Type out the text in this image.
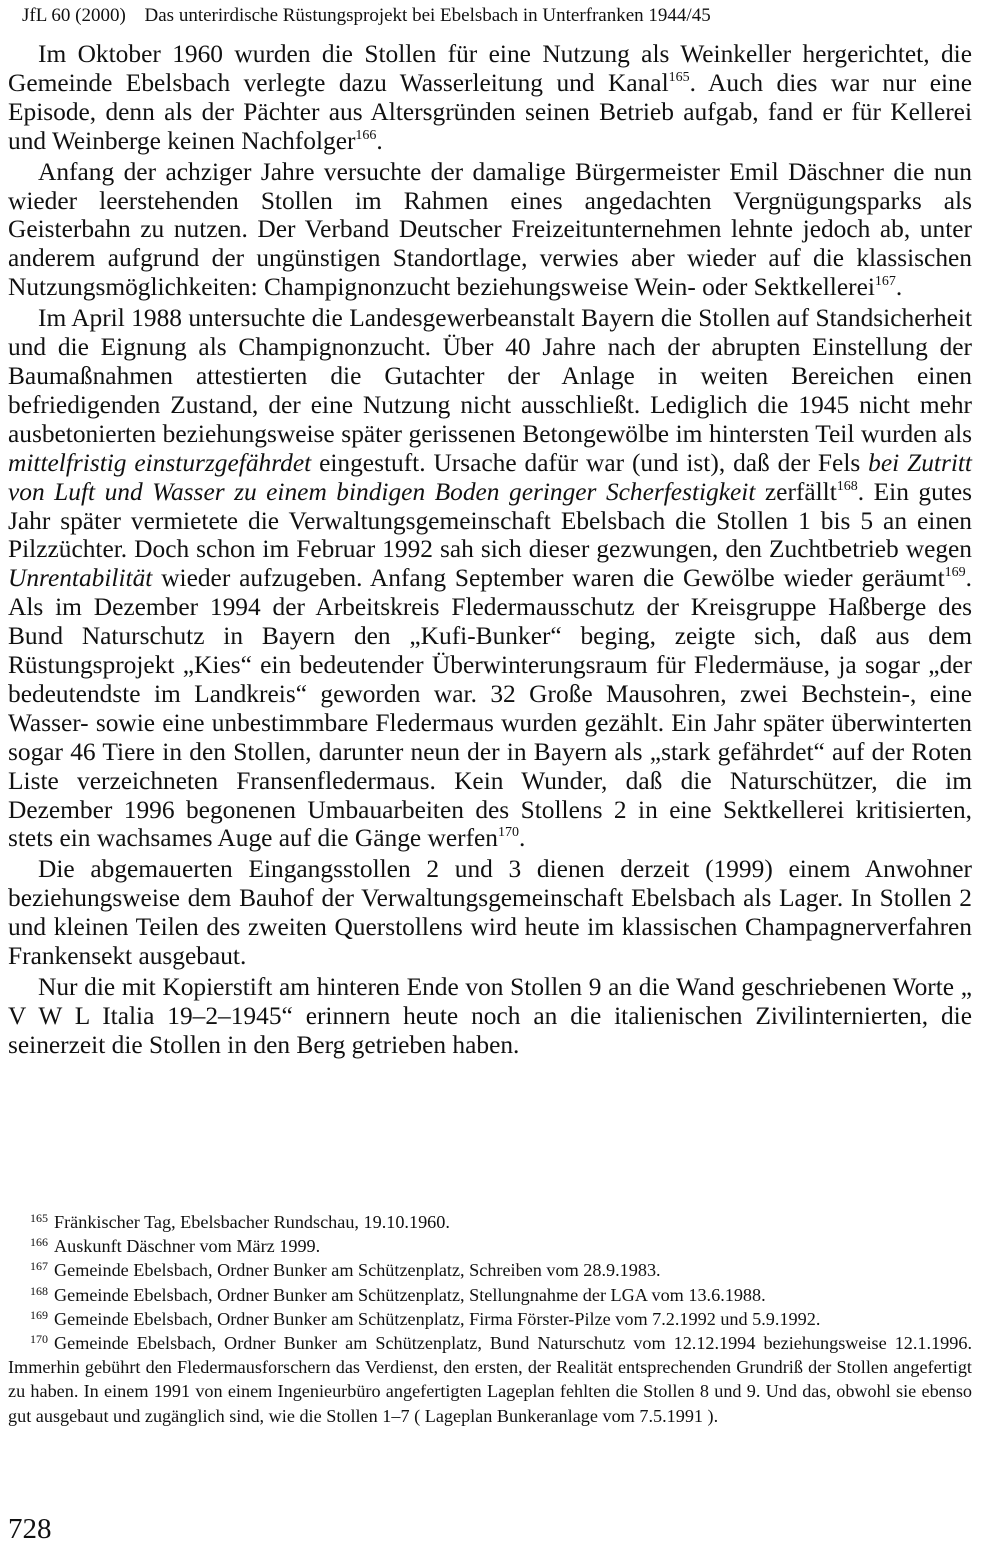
JfL 60 (2000) Das unterirdische Rüstungsprojekt bei Ebelsbach in Unterfranken 1944/45

Im Oktober 1960 wurden die Stollen für eine Nutzung als Weinkeller hergerichtet, die Gemeinde Ebelsbach verlegte dazu Wasserleitung und Kanal$^{165}$. Auch dies war nur eine Episode, denn als der Pächter aus Altersgründen seinen Betrieb aufgab, fand er für Kellerei und Weinberge keinen Nachfolger$^{166}$.

Anfang der achziger Jahre versuchte der damalige Bürgermeister Emil Däschner die nun wieder leerstehenden Stollen im Rahmen eines angedachten Vergnügungsparks als Geisterbahn zu nutzen. Der Verband Deutscher Freizeitunternehmen lehnte jedoch ab, unter anderem aufgrund der ungünstigen Standortlage, verwies aber wieder auf die klassischen Nutzungsmöglichkeiten: Champignonzucht beziehungsweise Wein- oder Sektkellerei$^{167}$.

Im April 1988 untersuchte die Landesgewerbeanstalt Bayern die Stollen auf Standsicherheit und die Eignung als Champignonzucht. Über 40 Jahre nach der abrupten Einstellung der Baumaßnahmen attestierten die Gutachter der Anlage in weiten Bereichen einen befriedigenden Zustand, der eine Nutzung nicht ausschließt. Lediglich die 1945 nicht mehr ausbetonierten beziehungsweise später gerissenen Betongewölbe im hintersten Teil wurden als mittelfristig einsturzgefährdet eingestuft. Ursache dafür war (und ist), daß der Fels bei Zutritt von Luft und Wasser zu einem bindigen Boden geringer Scherfestigkeit zerfällt$^{168}$. Ein gutes Jahr später vermietete die Verwaltungsgemeinschaft Ebelsbach die Stollen 1 bis 5 an einen Pilzzüchter. Doch schon im Februar 1992 sah sich dieser gezwungen, den Zuchtbetrieb wegen Unrentabilität wieder aufzugeben. Anfang September waren die Gewölbe wieder geräumt$^{169}$. Als im Dezember 1994 der Arbeitskreis Fledermausschutz der Kreisgruppe Haßberge des Bund Naturschutz in Bayern den „Kufi-Bunker“ beging, zeigte sich, daß aus dem Rüstungsprojekt „Kies“ ein bedeutender Überwinterungsraum für Fledermäuse, ja sogar „der bedeutendste im Landkreis“ geworden war. 32 Große Mausohren, zwei Bechstein-, eine Wasser- sowie eine unbestimmbare Fledermaus wurden gezählt. Ein Jahr später überwinterten sogar 46 Tiere in den Stollen, darunter neun der in Bayern als „stark gefährdet“ auf der Roten Liste verzeichneten Fransenfledermaus. Kein Wunder, daß die Naturschützer, die im Dezember 1996 begonenen Umbauarbeiten des Stollens 2 in eine Sektkellerei kritisierten, stets ein wachsames Auge auf die Gänge werfen$^{170}$.

Die abgemauerten Eingangsstollen 2 und 3 dienen derzeit (1999) einem Anwohner beziehungsweise dem Bauhof der Verwaltungsgemeinschaft Ebelsbach als Lager. In Stollen 2 und kleinen Teilen des zweiten Querstollens wird heute im klassischen Champagnerverfahren Frankensekt ausgebaut.

Nur die mit Kopierstift am hinteren Ende von Stollen 9 an die Wand geschriebenen Worte „ V W L Italia 19–2–1945“ erinnern heute noch an die italienischen Zivilinternierten, die seinerzeit die Stollen in den Berg getrieben haben.

$^{165}$ Fränkischer Tag, Ebelsbacher Rundschau, 19.10.1960.
$^{166}$ Auskunft Däschner vom März 1999.
$^{167}$ Gemeinde Ebelsbach, Ordner Bunker am Schützenplatz, Schreiben vom 28.9.1983.
$^{168}$ Gemeinde Ebelsbach, Ordner Bunker am Schützenplatz, Stellungnahme der LGA vom 13.6.1988.
$^{169}$ Gemeinde Ebelsbach, Ordner Bunker am Schützenplatz, Firma Förster-Pilze vom 7.2.1992 und 5.9.1992.
$^{170}$ Gemeinde Ebelsbach, Ordner Bunker am Schützenplatz, Bund Naturschutz vom 12.12.1994 beziehungsweise 12.1.1996. Immerhin gebührt den Fledermausforschern das Verdienst, den ersten, der Realität entsprechenden Grundriß der Stollen angefertigt zu haben. In einem 1991 von einem Ingenieurbüro angefertigten Lageplan fehlten die Stollen 8 und 9. Und das, obwohl sie ebenso gut ausgebaut und zugänglich sind, wie die Stollen 1–7 ( Lageplan Bunkeranlage vom 7.5.1991 ).
728
